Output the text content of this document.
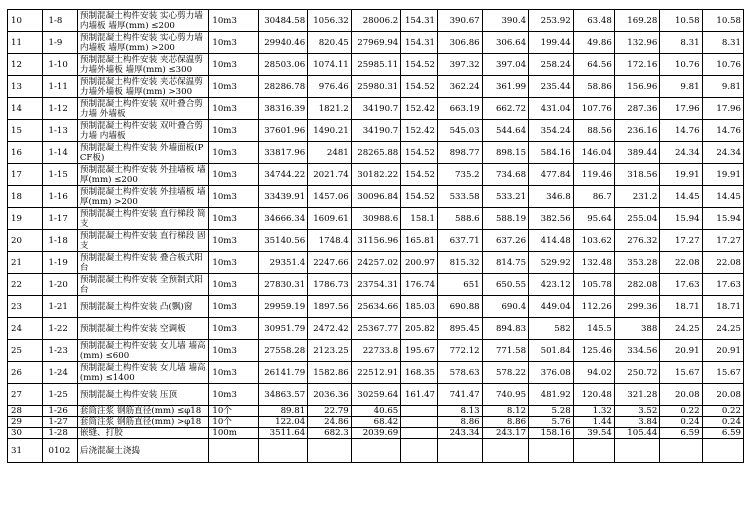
10	1-8	预制混凝土构件安装 实心剪力墙 内墙板 墙厚(mm) ≤200	10m3	30484.58	1056.32	28006.2	154.31	390.67	390.4	253.92	63.48	169.28	10.58	10.58
11	1-9	预制混凝土构件安装 实心剪力墙 内墙板 墙厚(mm) >200	10m3	29940.46	820.45	27969.94	154.31	306.86	306.64	199.44	49.86	132.96	8.31	8.31
12	1-10	预制混凝土构件安装 夹芯保温剪力墙外墙板 墙厚(mm) ≤300	10m3	28503.06	1074.11	25985.11	154.52	397.32	397.04	258.24	64.56	172.16	10.76	10.76
13	1-11	预制混凝土构件安装 夹芯保温剪力墙外墙板 墙厚(mm) >300	10m3	28286.78	976.46	25980.31	154.52	362.24	361.99	235.44	58.86	156.96	9.81	9.81
14	1-12	预制混凝土构件安装 双叶叠合剪力墙 外墙板	10m3	38316.39	1821.2	34190.7	152.42	663.19	662.72	431.04	107.76	287.36	17.96	17.96
15	1-13	预制混凝土构件安装 双叶叠合剪力墙 内墙板	10m3	37601.96	1490.21	34190.7	152.42	545.03	544.64	354.24	88.56	236.16	14.76	14.76
16	1-14	预制混凝土构件安装 外墙面板(PCF板)	10m3	33817.96	2481	28265.88	154.52	898.77	898.15	584.16	146.04	389.44	24.34	24.34
17	1-15	预制混凝土构件安装 外挂墙板 墙厚(mm) ≤200	10m3	34744.22	2021.74	30182.22	154.52	735.2	734.68	477.84	119.46	318.56	19.91	19.91
18	1-16	预制混凝土构件安装 外挂墙板 墙厚(mm) >200	10m3	33439.91	1457.06	30096.84	154.52	533.58	533.21	346.8	86.7	231.2	14.45	14.45
19	1-17	预制混凝土构件安装 直行梯段 简支	10m3	34666.34	1609.61	30988.6	158.1	588.6	588.19	382.56	95.64	255.04	15.94	15.94
20	1-18	预制混凝土构件安装 直行梯段 固支	10m3	35140.56	1748.4	31156.96	165.81	637.71	637.26	414.48	103.62	276.32	17.27	17.27
21	1-19	预制混凝土构件安装 叠合板式阳台	10m3	29351.4	2247.66	24257.02	200.97	815.32	814.75	529.92	132.48	353.28	22.08	22.08
22	1-20	预制混凝土构件安装 全预制式阳台	10m3	27830.31	1786.73	23754.31	176.74	651	650.55	423.12	105.78	282.08	17.63	17.63
23	1-21	预制混凝土构件安装 凸(飘)窗	10m3	29959.19	1897.56	25634.66	185.03	690.88	690.4	449.04	112.26	299.36	18.71	18.71
24	1-22	预制混凝土构件安装 空调板	10m3	30951.79	2472.42	25367.77	205.82	895.45	894.83	582	145.5	388	24.25	24.25
25	1-23	预制混凝土构件安装 女儿墙 墙高(mm) ≤600	10m3	27558.28	2123.25	22733.8	195.67	772.12	771.58	501.84	125.46	334.56	20.91	20.91
26	1-24	预制混凝土构件安装 女儿墙 墙高(mm) ≤1400	10m3	26141.79	1582.86	22512.91	168.35	578.63	578.22	376.08	94.02	250.72	15.67	15.67
27	1-25	预制混凝土构件安装 压顶	10m3	34863.57	2036.36	30259.64	161.47	741.47	740.95	481.92	120.48	321.28	20.08	20.08
28	1-26	套筒注浆 钢筋直径(mm) ≤φ18	10个	89.81	22.79	40.65		8.13	8.12	5.28	1.32	3.52	0.22	0.22
29	1-27	套筒注浆 钢筋直径(mm) >φ18	10个	122.04	24.86	68.42		8.86	8.86	5.76	1.44	3.84	0.24	0.24
30	1-28	嵌缝、打胶	100m	3511.64	682.3	2039.69		243.34	243.17	158.16	39.54	105.44	6.59	6.59
31	0102	后浇混凝土浇捣												
